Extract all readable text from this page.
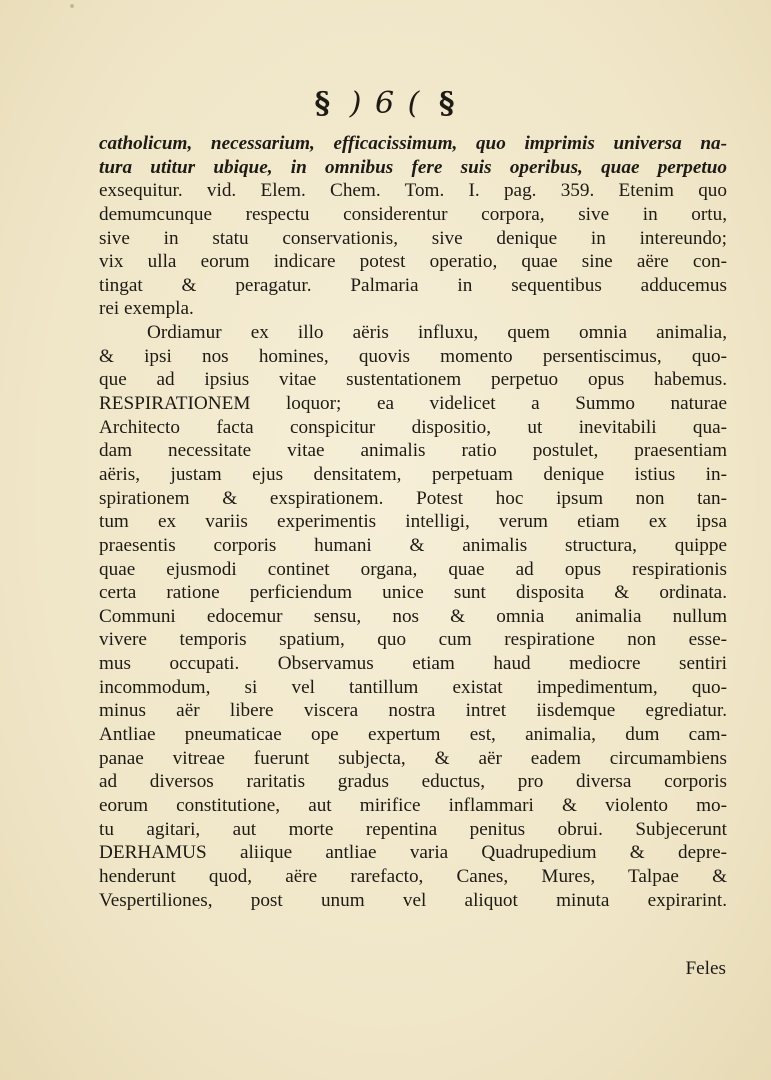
§ ) 6 ( §
catholicum, necessarium, efficacissimum, quo imprimis universa na-
tura utitur ubique, in omnibus fere suis operibus, quae perpetuo
exsequitur. vid. Elem. Chem. Tom. I. pag. 359. Etenim quo
demumcunque respectu considerentur corpora, sive in ortu,
sive in statu conservationis, sive denique in intereundo;
vix ulla eorum indicare potest operatio, quae sine aëre con-
tingat & peragatur. Palmaria in sequentibus adducemus
rei exempla.
Ordiamur ex illo aëris influxu, quem omnia animalia,
& ipsi nos homines, quovis momento persentiscimus, quo-
que ad ipsius vitae sustentationem perpetuo opus habemus.
RESPIRATIONEM loquor; ea videlicet a Summo naturae
Architecto facta conspicitur dispositio, ut inevitabili qua-
dam necessitate vitae animalis ratio postulet, praesentiam
aëris, justam ejus densitatem, perpetuam denique istius in-
spirationem & exspirationem. Potest hoc ipsum non tan-
tum ex variis experimentis intelligi, verum etiam ex ipsa
praesentis corporis humani & animalis structura, quippe
quae ejusmodi continet organa, quae ad opus respirationis
certa ratione perficiendum unice sunt disposita & ordinata.
Communi edocemur sensu, nos & omnia animalia nullum
vivere temporis spatium, quo cum respiratione non esse-
mus occupati. Observamus etiam haud mediocre sentiri
incommodum, si vel tantillum existat impedimentum, quo-
minus aër libere viscera nostra intret iisdemque egrediatur.
Antliae pneumaticae ope expertum est, animalia, dum cam-
panae vitreae fuerunt subjecta, & aër eadem circumambiens
ad diversos raritatis gradus eductus, pro diversa corporis
eorum constitutione, aut mirifice inflammari & violento mo-
tu agitari, aut morte repentina penitus obrui. Subjecerunt
DERHAMUS aliique antliae varia Quadrupedium & depre-
henderunt quod, aëre rarefacto, Canes, Mures, Talpae &
Vespertiliones, post unum vel aliquot minuta expirarint.
Feles
